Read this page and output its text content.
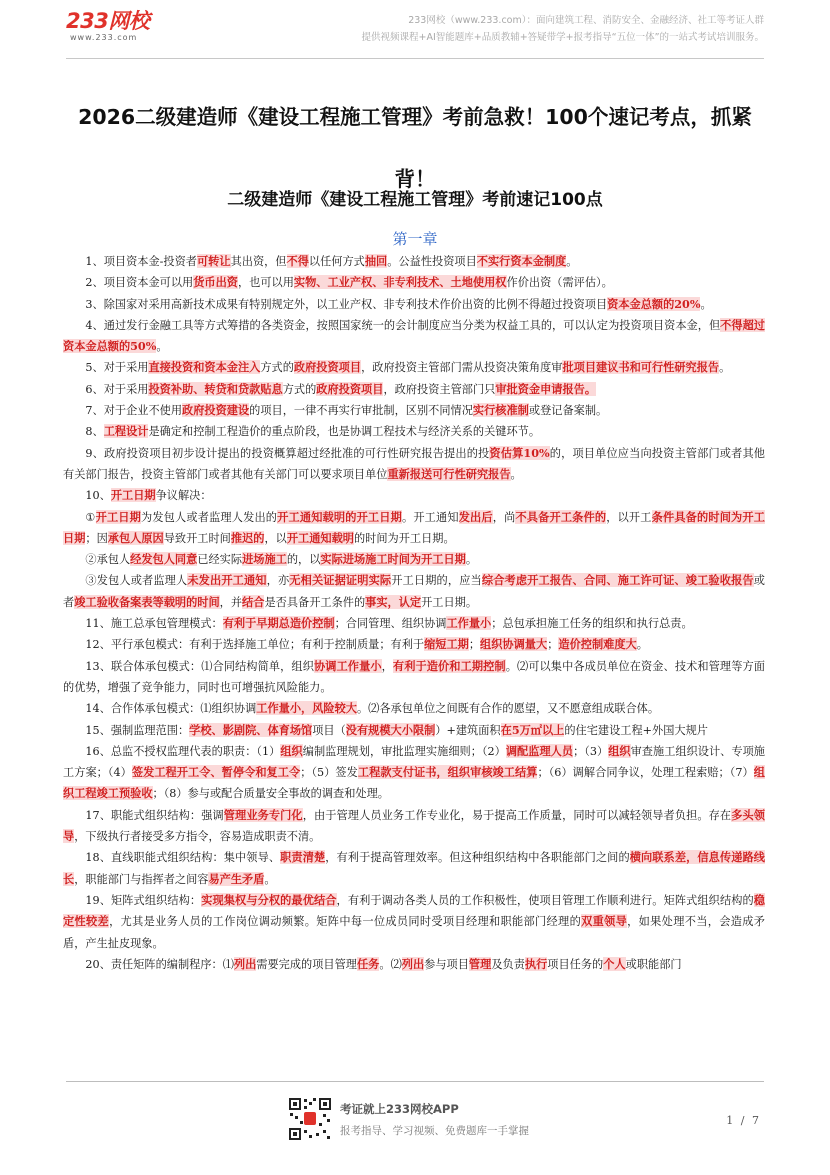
233网校
www.233.com
233网校（www.233.com）：面向建筑工程、消防安全、金融经济、社工等考证人群
提供视频课程+AI智能题库+品质教辅+答疑带学+报考指导“五位一体”的一站式考试培训服务。
2026二级建造师《建设工程施工管理》考前急救！100个速记考点，抓紧背！
二级建造师《建设工程施工管理》考前速记100点
第一章

1、项目资本金-投资者可转让其出资，但不得以任何方式抽回。公益性投资项目不实行资本金制度。

2、项目资本金可以用货币出资，也可以用实物、工业产权、非专利技术、土地使用权作价出资（需评估）。

3、除国家对采用高新技术成果有特别规定外，以工业产权、非专利技术作价出资的比例不得超过投资项目资本金总额的20%。

4、通过发行金融工具等方式筹措的各类资金，按照国家统一的会计制度应当分类为权益工具的，可以认定为投资项目资本金，但不得超过资本金总额的50%。

5、对于采用直接投资和资本金注入方式的政府投资项目，政府投资主管部门需从投资决策角度审批项目建议书和可行性研究报告。

6、对于采用投资补助、转贷和贷款贴息方式的政府投资项目，政府投资主管部门只审批资金申请报告。

7、对于企业不使用政府投资建设的项目，一律不再实行审批制，区别不同情况实行核准制或登记备案制。

8、工程设计是确定和控制工程造价的重点阶段，也是协调工程技术与经济关系的关键环节。

9、政府投资项目初步设计提出的投资概算超过经批准的可行性研究报告提出的投资估算10%的，项目单位应当向投资主管部门或者其他有关部门报告，投资主管部门或者其他有关部门可以要求项目单位重新报送可行性研究报告。

10、开工日期争议解决：

①开工日期为发包人或者监理人发出的开工通知载明的开工日期。开工通知发出后，尚不具备开工条件的，以开工条件具备的时间为开工日期；因承包人原因导致开工时间推迟的，以开工通知载明的时间为开工日期。

②承包人经发包人同意已经实际进场施工的，以实际进场施工时间为开工日期。

③发包人或者监理人未发出开工通知，亦无相关证据证明实际开工日期的，应当综合考虑开工报告、合同、施工许可证、竣工验收报告或者竣工验收备案表等载明的时间，并结合是否具备开工条件的事实，认定开工日期。

11、施工总承包管理模式：有利于早期总造价控制；合同管理、组织协调工作量小；总包承担施工任务的组织和执行总责。

12、平行承包模式：有利于选择施工单位；有利于控制质量；有利于缩短工期；组织协调量大；造价控制难度大。

13、联合体承包模式：⑴合同结构简单，组织协调工作量小，有利于造价和工期控制。⑵可以集中各成员单位在资金、技术和管理等方面的优势，增强了竞争能力，同时也可增强抗风险能力。

14、合作体承包模式：⑴组织协调工作量小，风险较大。⑵各承包单位之间既有合作的愿望，又不愿意组成联合体。

15、强制监理范围：学校、影剧院、体育场馆项目（没有规模大小限制）+建筑面积在5万㎡以上的住宅建设工程+外国大规片

16、总监不授权监理代表的职责：（1）组织编制监理规划，审批监理实施细则；（2）调配监理人员；（3）组织审查施工组织设计、专项施工方案；（4）签发工程开工令、暂停令和复工令；（5）签发工程款支付证书，组织审核竣工结算；（6）调解合同争议，处理工程索赔；（7）组织工程竣工预验收；（8）参与或配合质量安全事故的调查和处理。

17、职能式组织结构：强调管理业务专门化，由于管理人员业务工作专业化，易于提高工作质量，同时可以减轻领导者负担。存在多头领导，下级执行者接受多方指令，容易造成职责不清。

18、直线职能式组织结构：集中领导、职责清楚，有利于提高管理效率。但这种组织结构中各职能部门之间的横向联系差，信息传递路线长，职能部门与指挥者之间容易产生矛盾。

19、矩阵式组织结构：实现集权与分权的最优结合，有利于调动各类人员的工作积极性，使项目管理工作顺利进行。矩阵式组织结构的稳定性较差，尤其是业务人员的工作岗位调动频繁。矩阵中每一位成员同时受项目经理和职能部门经理的双重领导，如果处理不当，会造成矛盾，产生扯皮现象。

20、责任矩阵的编制程序：⑴列出需要完成的项目管理任务。⑵列出参与项目管理及负责执行项目任务的个人或职能部门

考证就上233网校APP
报考指导、学习视频、免费题库一手掌握
1 / 7
